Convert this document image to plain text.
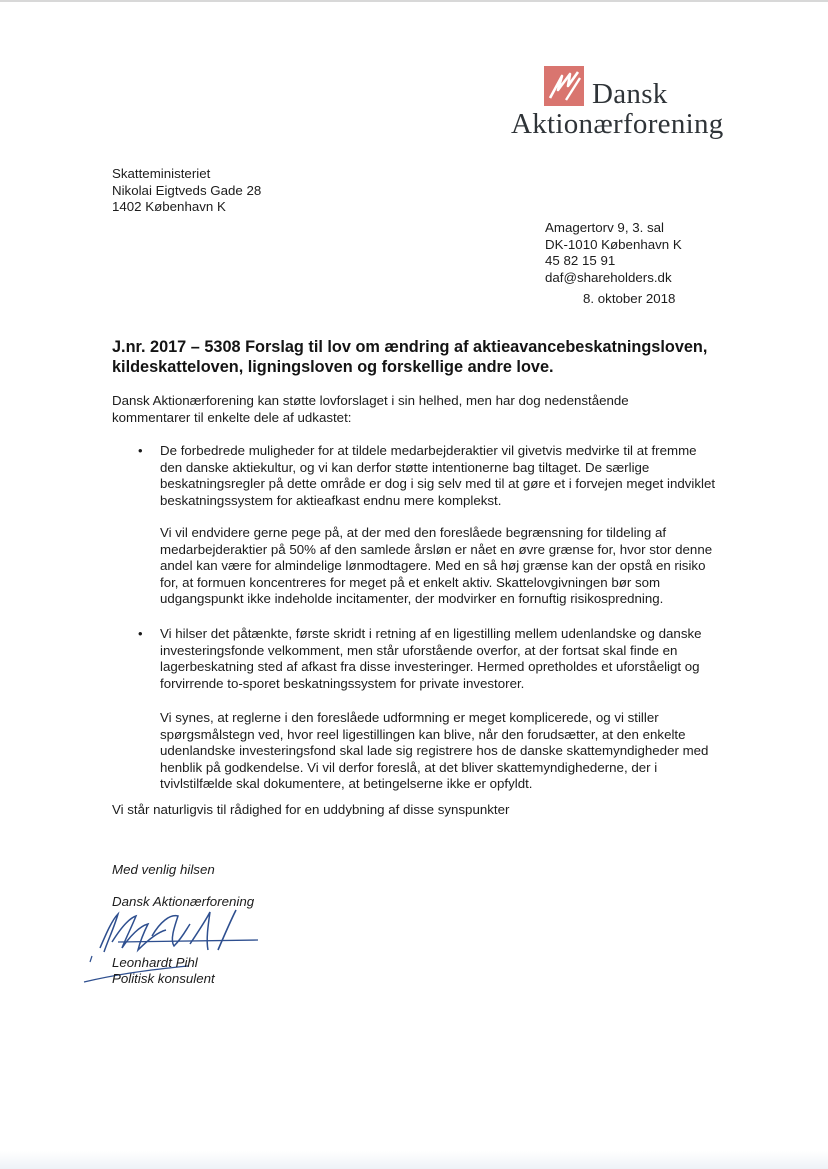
Dansk
Aktionærforening
Skatteministeriet
Nikolai Eigtveds Gade 28
1402 København K
Amagertorv 9, 3. sal
DK-1010 København K
45 82 15 91
daf@shareholders.dk
8. oktober 2018
J.nr. 2017 – 5308 Forslag til lov om ændring af aktieavancebeskatningsloven, kildeskatteloven, ligningsloven og forskellige andre love.
Dansk Aktionærforening kan støtte lovforslaget i sin helhed, men har dog nedenstående kommentarer til enkelte dele af udkastet:
• De forbedrede muligheder for at tildele medarbejderaktier vil givetvis medvirke til at fremme den danske aktiekultur, og vi kan derfor støtte intentionerne bag tiltaget. De særlige beskatningsregler på dette område er dog i sig selv med til at gøre et i forvejen meget indviklet beskatningssystem for aktieafkast endnu mere komplekst.
Vi vil endvidere gerne pege på, at der med den foreslåede begrænsning for tildeling af medarbejderaktier på 50% af den samlede årsløn er nået en øvre grænse for, hvor stor denne andel kan være for almindelige lønmodtagere. Med en så høj grænse kan der opstå en risiko for, at formuen koncentreres for meget på et enkelt aktiv. Skattelovgivningen bør som udgangspunkt ikke indeholde incitamenter, der modvirker en fornuftig risikospredning.
• Vi hilser det påtænkte, første skridt i retning af en ligestilling mellem udenlandske og danske investeringsfonde velkomment, men står uforstående overfor, at der fortsat skal finde en lagerbeskatning sted af afkast fra disse investeringer. Hermed opretholdes et uforståeligt og forvirrende to-sporet beskatningssystem for private investorer.
Vi synes, at reglerne i den foreslåede udformning er meget komplicerede, og vi stiller spørgsmålstegn ved, hvor reel ligestillingen kan blive, når den forudsætter, at den enkelte udenlandske investeringsfond skal lade sig registrere hos de danske skattemyndigheder med henblik på godkendelse. Vi vil derfor foreslå, at det bliver skattemyndighederne, der i tvivlstilfælde skal dokumentere, at betingelserne ikke er opfyldt.
Vi står naturligvis til rådighed for en uddybning af disse synspunkter
Med venlig hilsen
Dansk Aktionærforening
Leonhardt Pihl
Politisk konsulent
